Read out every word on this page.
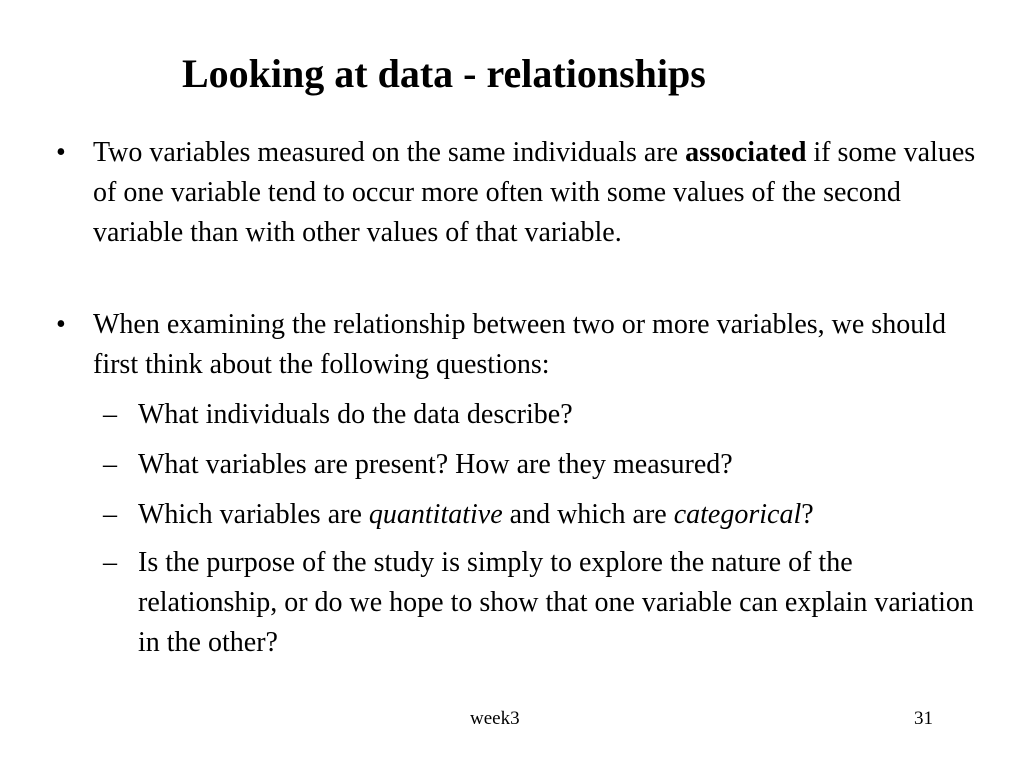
Looking at data - relationships
• Two variables measured on the same individuals are associated if some values of one variable tend to occur more often with some values of the second variable than with other values of that variable.
• When examining the relationship between two or more variables, we should first think about the following questions:
– What individuals do the data describe?
– What variables are present? How are they measured?
– Which variables are quantitative and which are categorical?
– Is the purpose of the study is simply to explore the nature of the relationship, or do we hope to show that one variable can explain variation in the other?
week3	31
